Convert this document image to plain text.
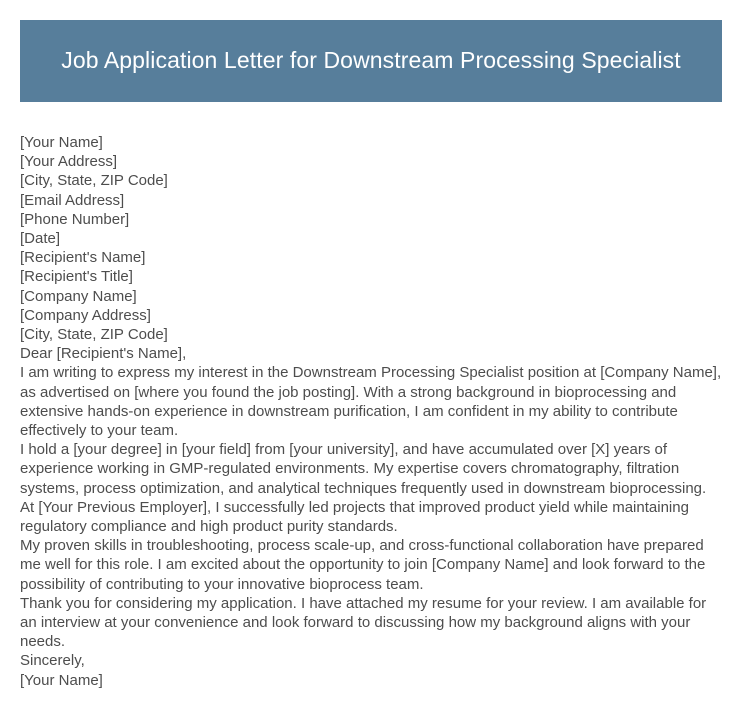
Job Application Letter for Downstream Processing Specialist
[Your Name]
[Your Address]
[City, State, ZIP Code]
[Email Address]
[Phone Number]
[Date]
[Recipient's Name]
[Recipient's Title]
[Company Name]
[Company Address]
[City, State, ZIP Code]
Dear [Recipient's Name],
I am writing to express my interest in the Downstream Processing Specialist position at [Company Name], as advertised on [where you found the job posting]. With a strong background in bioprocessing and extensive hands-on experience in downstream purification, I am confident in my ability to contribute effectively to your team.
I hold a [your degree] in [your field] from [your university], and have accumulated over [X] years of experience working in GMP-regulated environments. My expertise covers chromatography, filtration systems, process optimization, and analytical techniques frequently used in downstream bioprocessing. At [Your Previous Employer], I successfully led projects that improved product yield while maintaining regulatory compliance and high product purity standards.
My proven skills in troubleshooting, process scale-up, and cross-functional collaboration have prepared me well for this role. I am excited about the opportunity to join [Company Name] and look forward to the possibility of contributing to your innovative bioprocess team.
Thank you for considering my application. I have attached my resume for your review. I am available for an interview at your convenience and look forward to discussing how my background aligns with your needs.
Sincerely,
[Your Name]
